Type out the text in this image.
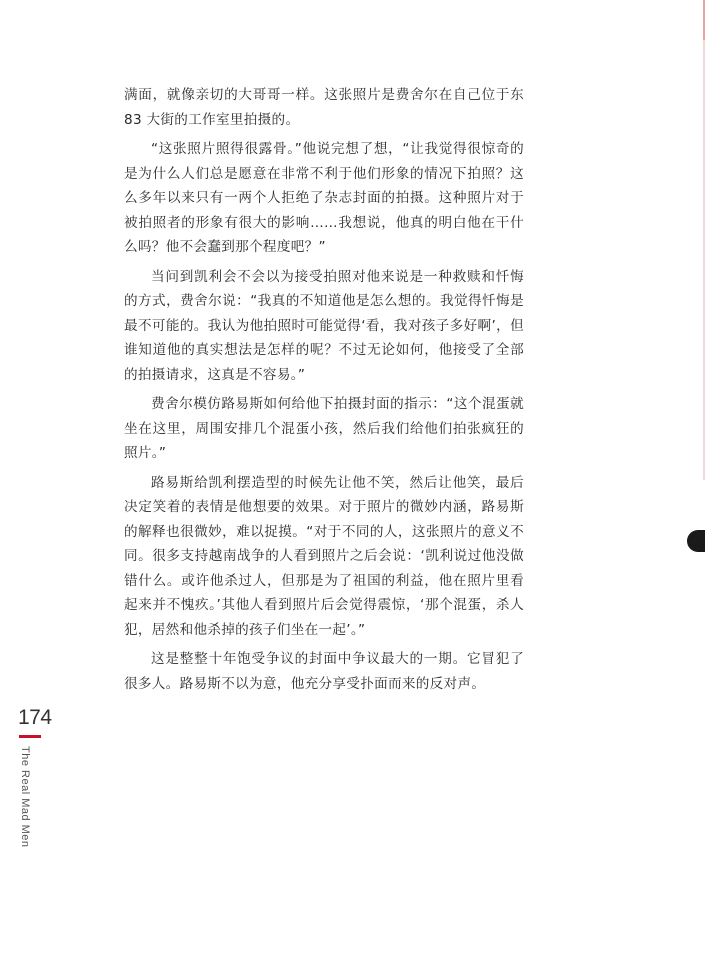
满面，就像亲切的大哥哥一样。这张照片是费舍尔在自己位于东 83 大街的工作室里拍摄的。

“这张照片照得很露骨。”他说完想了想，“让我觉得很惊奇的是为什么人们总是愿意在非常不利于他们形象的情况下拍照？这么多年以来只有一两个人拒绝了杂志封面的拍摄。这种照片对于被拍照者的形象有很大的影响……我想说，他真的明白他在干什么吗？他不会蠢到那个程度吧？”

当问到凯利会不会以为接受拍照对他来说是一种救赎和忏悔的方式，费舍尔说：“我真的不知道他是怎么想的。我觉得忏悔是最不可能的。我认为他拍照时可能觉得‘看，我对孩子多好啊’，但谁知道他的真实想法是怎样的呢？不过无论如何，他接受了全部的拍摄请求，这真是不容易。”

费舍尔模仿路易斯如何给他下拍摄封面的指示：“这个混蛋就坐在这里，周围安排几个混蛋小孩，然后我们给他们拍张疯狂的照片。”

路易斯给凯利摆造型的时候先让他不笑，然后让他笑，最后决定笑着的表情是他想要的效果。对于照片的微妙内涵，路易斯的解释也很微妙，难以捉摸。“对于不同的人，这张照片的意义不同。很多支持越南战争的人看到照片之后会说：‘凯利说过他没做错什么。或许他杀过人，但那是为了祖国的利益，他在照片里看起来并不愧疚。’其他人看到照片后会觉得震惊，‘那个混蛋，杀人犯，居然和他杀掉的孩子们坐在一起’。”

这是整整十年饱受争议的封面中争议最大的一期。它冒犯了很多人。路易斯不以为意，他充分享受扑面而来的反对声。

174
The Real Mad Men
